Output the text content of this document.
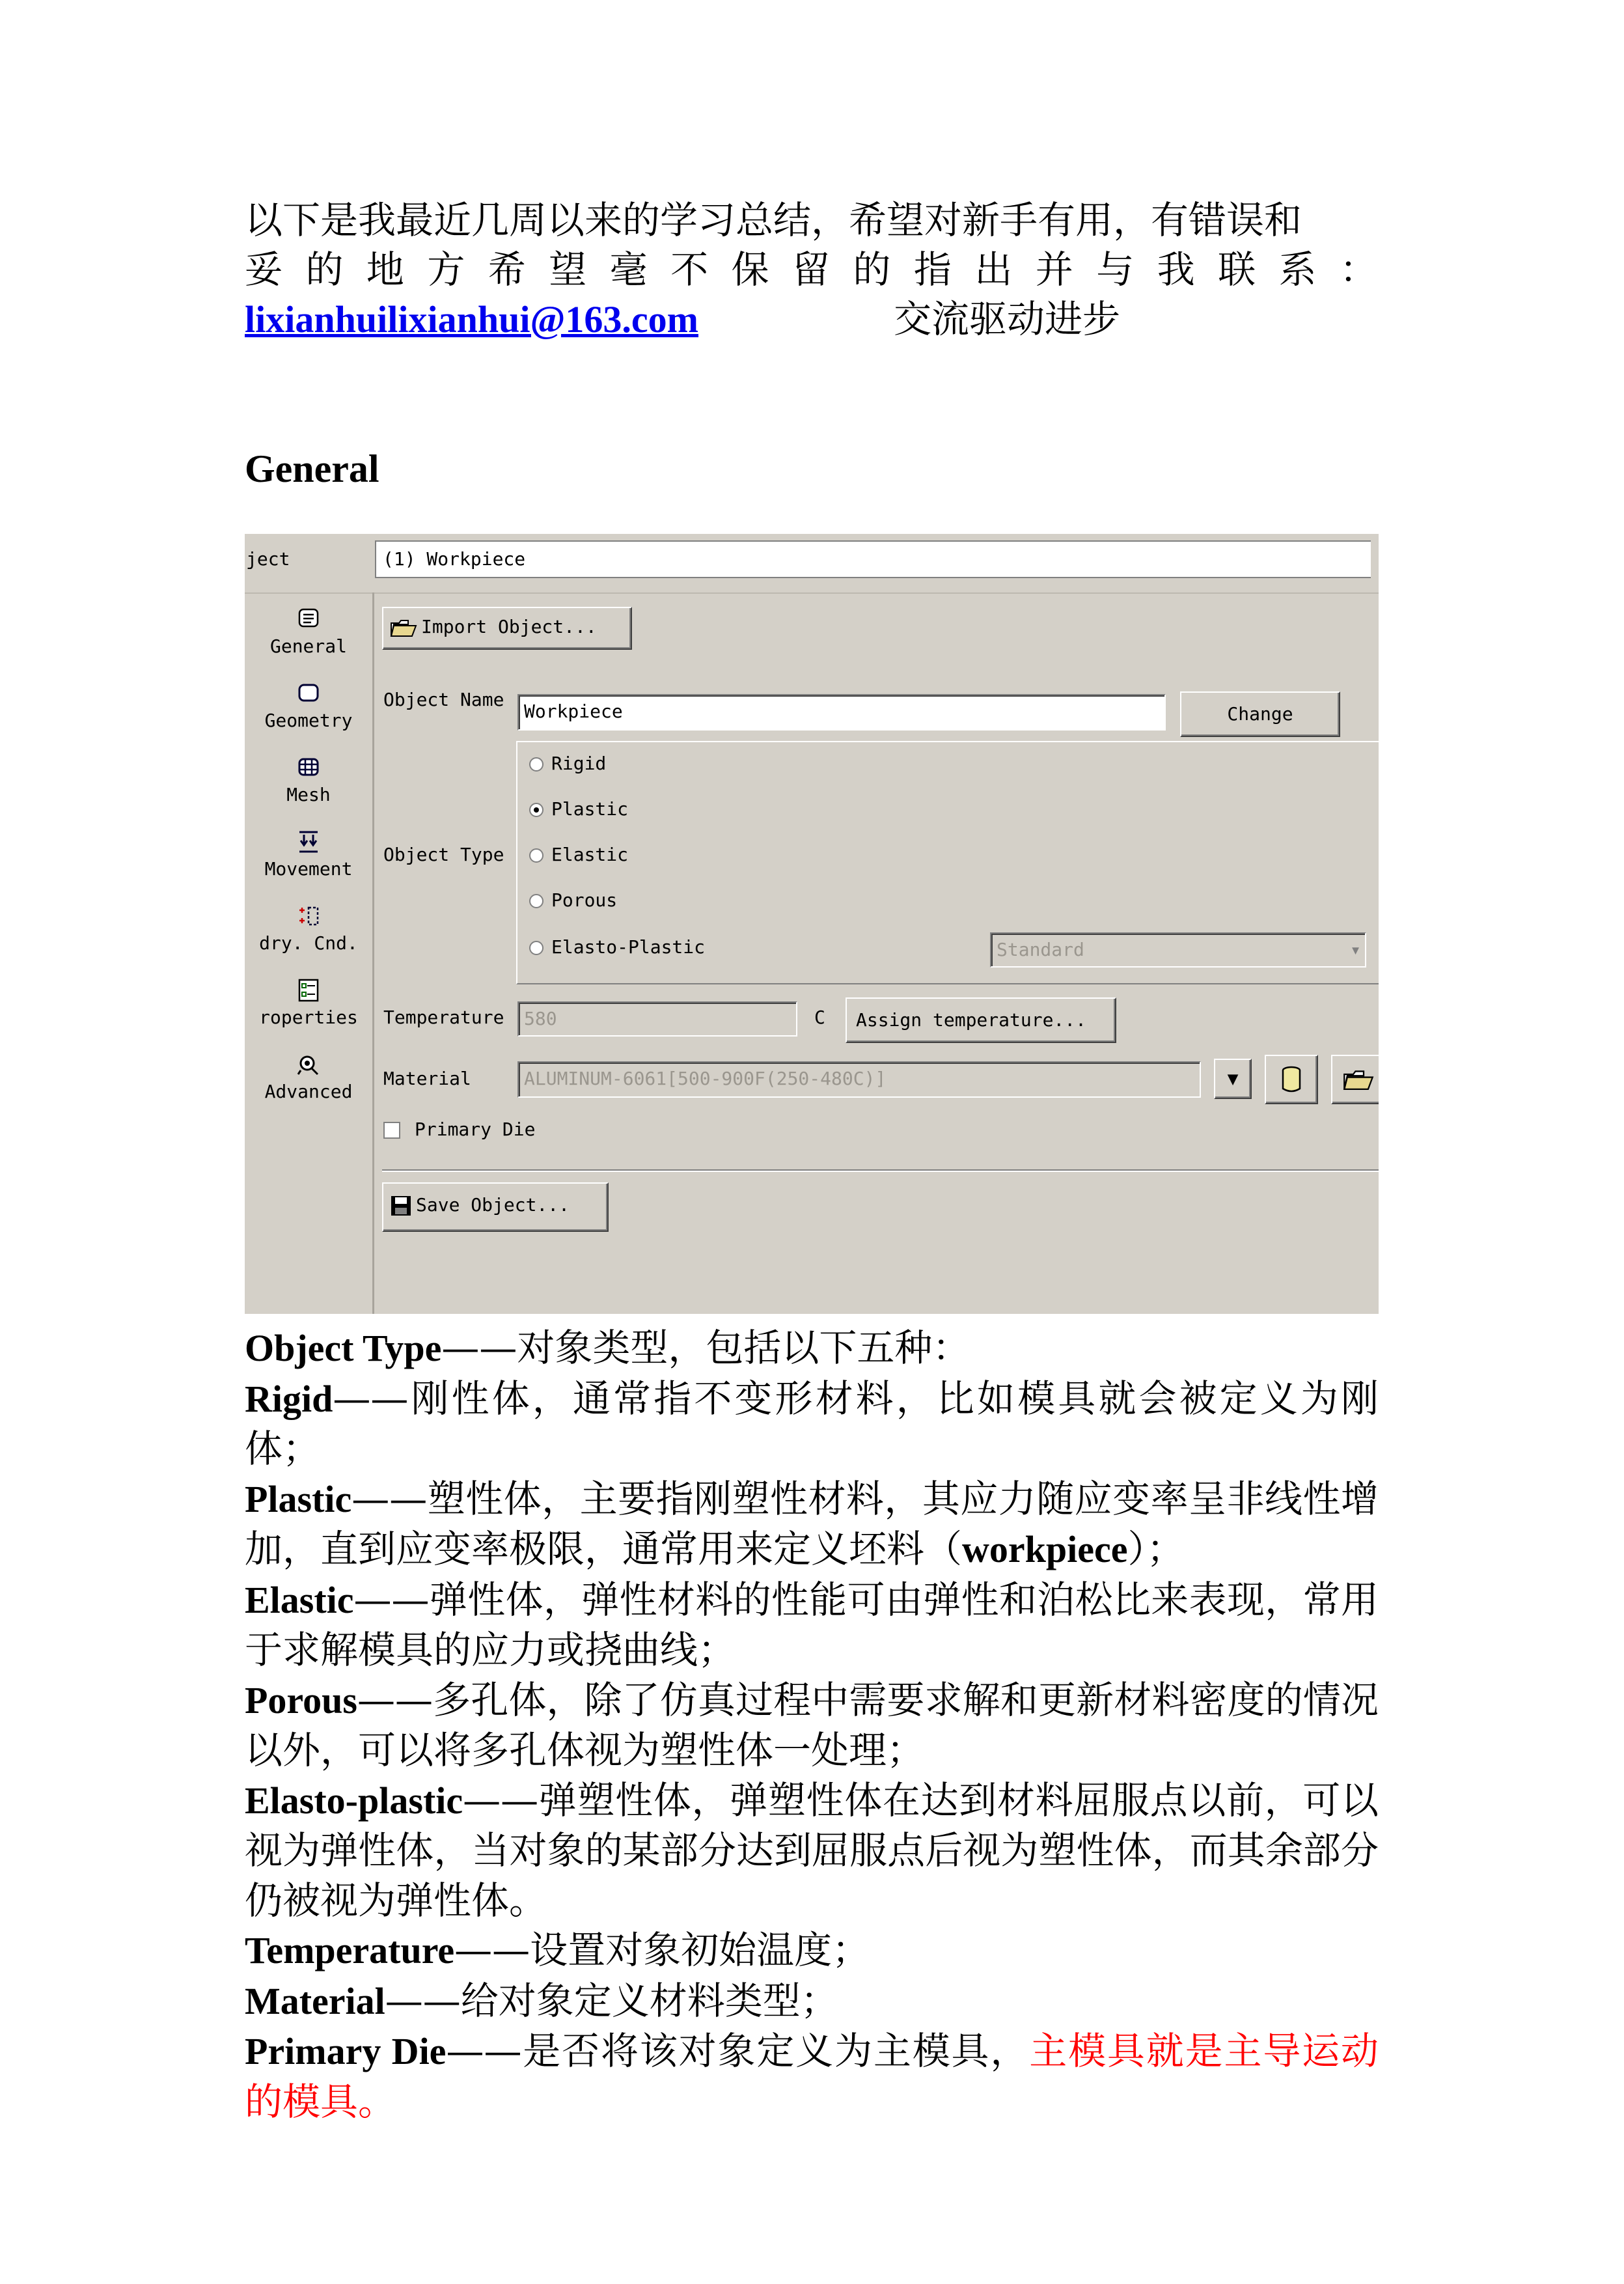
以下是我最近几周以来的学习总结，希望对新手有用，有错误和
妥的地方希望毫不保留的指出并与我联系：
lixianhuilixianhui@163.com	交流驱动进步
General
ject	(1) Workpiece
General
Geometry
Mesh
Movement
dry. Cnd.
roperties
Advanced
Import Object...
Object Name
Workpiece	Change
Object Type
Rigid
Plastic
Elastic
Porous
Elasto-Plastic	Standard	▾
Temperature	580	C	Assign temperature...
Material	ALUMINUM-6061[500-900F(250-480C)]	▼
Primary Die
Save Object...

Object Type——对象类型，包括以下五种：

Rigid——刚性体，通常指不变形材料，比如模具就会被定义为刚体；

Plastic——塑性体，主要指刚塑性材料，其应力随应变率呈非线性增加，直到应变率极限，通常用来定义坯料（workpiece）；

Elastic——弹性体，弹性材料的性能可由弹性和泊松比来表现，常用于求解模具的应力或挠曲线；

Porous——多孔体，除了仿真过程中需要求解和更新材料密度的情况以外，可以将多孔体视为塑性体一处理；

Elasto-plastic——弹塑性体，弹塑性体在达到材料屈服点以前，可以视为弹性体，当对象的某部分达到屈服点后视为塑性体，而其余部分仍被视为弹性体。

Temperature——设置对象初始温度；

Material——给对象定义材料类型；

Primary Die——是否将该对象定义为主模具，主模具就是主导运动的模具。
